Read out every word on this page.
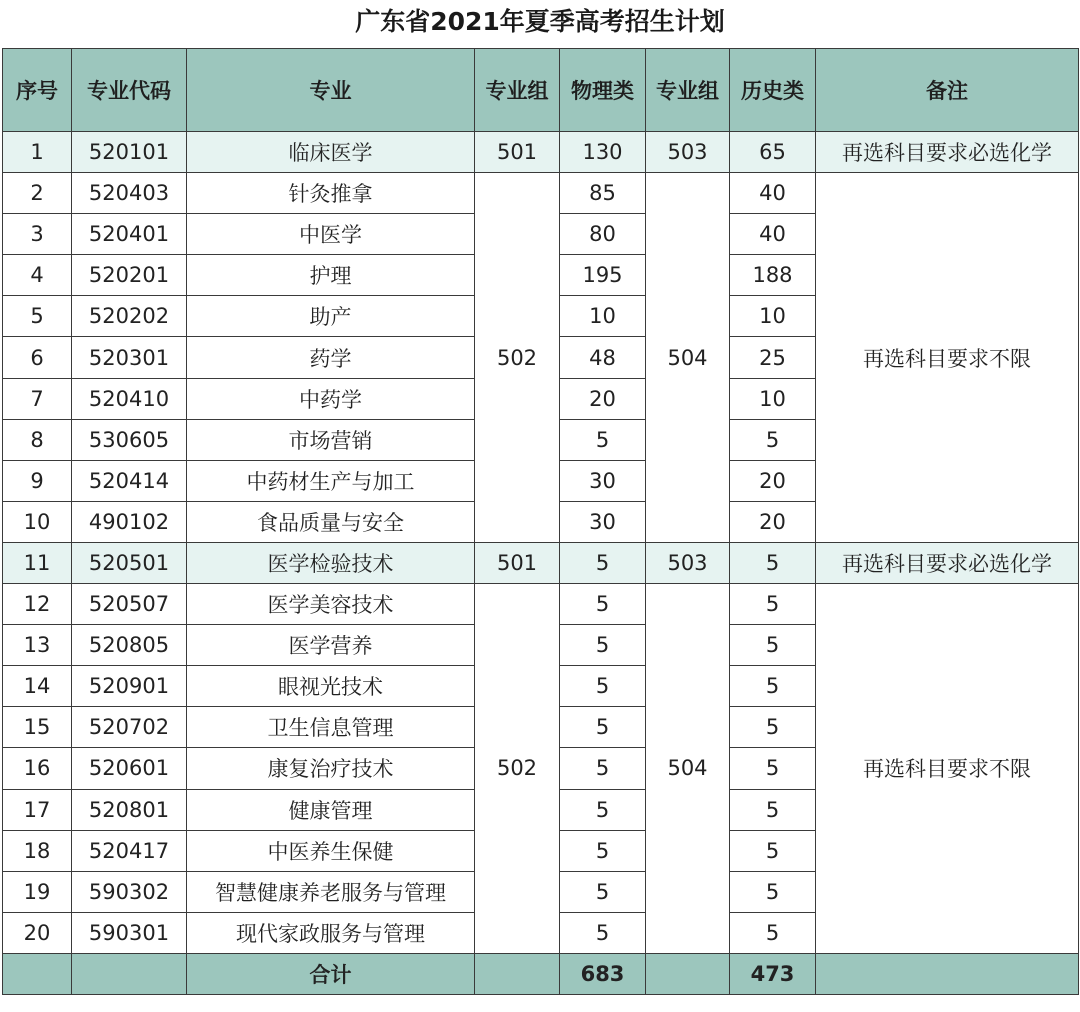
广东省2021年夏季高考招生计划
序号	专业代码	专业	专业组	物理类	专业组	历史类	备注
1	520101	临床医学	501	130	503	65	再选科目要求必选化学
2	520403	针灸推拿	502	85	504	40	再选科目要求不限
3	520401	中医学		80		40	
4	520201	护理		195		188	
5	520202	助产		10		10	
6	520301	药学		48		25	
7	520410	中药学		20		10	
8	530605	市场营销		5		5	
9	520414	中药材生产与加工		30		20	
10	490102	食品质量与安全		30		20	
11	520501	医学检验技术	501	5	503	5	再选科目要求必选化学
12	520507	医学美容技术	502	5	504	5	再选科目要求不限
13	520805	医学营养		5		5	
14	520901	眼视光技术		5		5	
15	520702	卫生信息管理		5		5	
16	520601	康复治疗技术		5		5	
17	520801	健康管理		5		5	
18	520417	中医养生保健		5		5	
19	590302	智慧健康养老服务与管理		5		5	
20	590301	现代家政服务与管理		5		5	
		合计		683		473	
